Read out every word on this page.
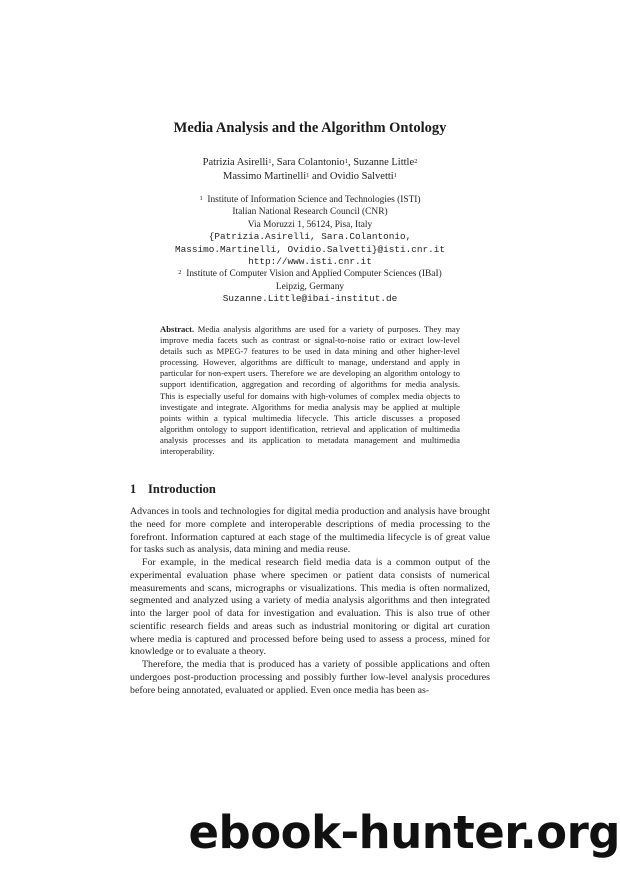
Media Analysis and the Algorithm Ontology
Patrizia Asirelli$^1$, Sara Colantonio$^1$, Suzanne Little$^2$
Massimo Martinelli$^1$ and Ovidio Salvetti$^1$
$^1$ Institute of Information Science and Technologies (ISTI)
Italian National Research Council (CNR)
Via Moruzzi 1, 56124, Pisa, Italy
{Patrizia.Asirelli, Sara.Colantonio,
Massimo.Martinelli, Ovidio.Salvetti}@isti.cnr.it
http://www.isti.cnr.it
$^2$ Institute of Computer Vision and Applied Computer Sciences (IBaI)
Leipzig, Germany
Suzanne.Little@ibai-institut.de
Abstract. Media analysis algorithms are used for a variety of purposes. They may improve media facets such as contrast or signal-to-noise ratio or extract low-level details such as MPEG-7 features to be used in data mining and other higher-level processing. However, algorithms are difficult to manage, understand and apply in particular for non-expert users. Therefore we are developing an algorithm ontology to support identification, aggregation and recording of algorithms for media analysis. This is especially useful for domains with high-volumes of complex media objects to investigate and integrate. Algorithms for media analysis may be applied at multiple points within a typical multimedia lifecycle. This article discusses a proposed algorithm ontology to support identification, retrieval and application of multimedia analysis processes and its application to metadata management and multimedia interoperability.
1 Introduction

Advances in tools and technologies for digital media production and analysis have brought the need for more complete and interoperable descriptions of media processing to the forefront. Information captured at each stage of the multimedia lifecycle is of great value for tasks such as analysis, data mining and media reuse.

For example, in the medical research field media data is a common output of the experimental evaluation phase where specimen or patient data consists of numerical measurements and scans, micrographs or visualizations. This media is often normalized, segmented and analyzed using a variety of media analysis algorithms and then integrated into the larger pool of data for investigation and evaluation. This is also true of other scientific research fields and areas such as industrial monitoring or digital art curation where media is captured and processed before being used to assess a process, mined for knowledge or to evaluate a theory.

Therefore, the media that is produced has a variety of possible applications and often undergoes post-production processing and possibly further low-level analysis procedures before being annotated, evaluated or applied. Even once media has been as-

ebook-hunter.org
